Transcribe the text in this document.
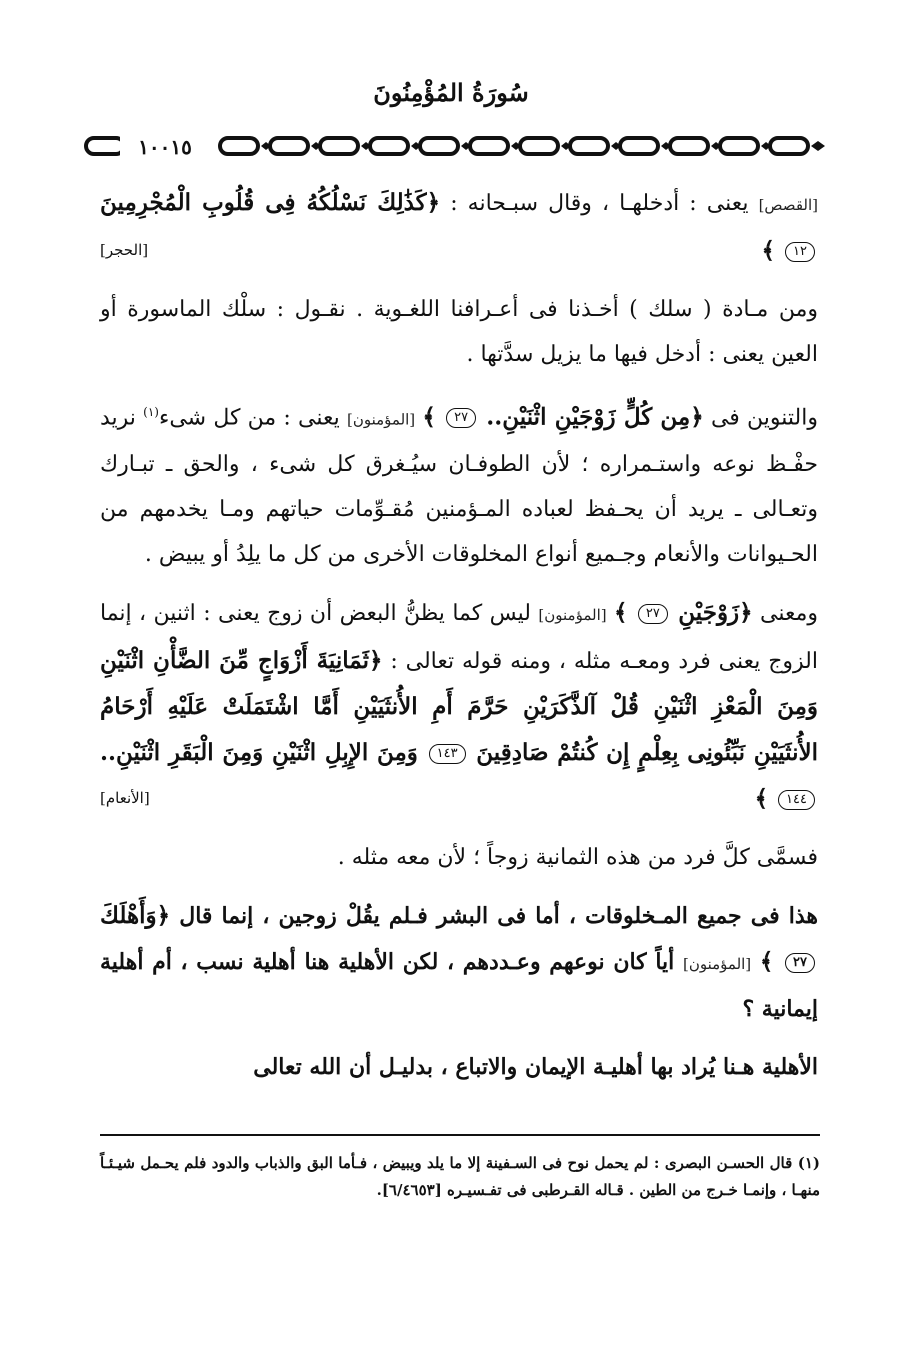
سُورَةُ المُؤْمِنُونَ
١٠٠١٥

[القصص] يعنى : أدخلهـا ، وقال سبـحانه : ﴿كَذَٰلِكَ نَسْلُكُهُ فِى قُلُوبِ الْمُجْرِمِينَ ١٢ ﴾
[الحجر]

ومن مـادة ( سلك ) أخـذنا فى أعـرافنا اللغـوية . نقـول : سلْك الماسورة أو العين يعنى : أدخل فيها ما يزيل سدَّتها .

والتنوين فى ﴿مِن كُلٍّ زَوْجَيْنِ اثْنَيْنِ.. ٢٧ ﴾ [المؤمنون] يعنى : من كل شىء$^{(١)}$ نريد حفْـظ نوعه واستـمراره ؛ لأن الطوفـان سيُـغرق كل شىء ، والحق ـ تبـارك وتعـالى ـ يريد أن يحـفظ لعباده المـؤمنين مُقـوِّمات حياتهم ومـا يخدمهم من الحـيوانات والأنعام وجـميع أنواع المخلوقات الأخرى من كل ما يلِدُ أو يبيض .

ومعنى ﴿زَوْجَيْنِ ٢٧ ﴾ [المؤمنون] ليس كما يظنُّ البعض أن زوج يعنى : اثنين ، إنما الزوج يعنى فرد ومعـه مثله ، ومنه قوله تعالى : ﴿ثَمَانِيَةَ أَزْوَاجٍ مِّنَ الضَّأْنِ اثْنَيْنِ وَمِنَ الْمَعْزِ اثْنَيْنِ قُلْ آلذَّكَرَيْنِ حَرَّمَ أَمِ الأُنثَيَيْنِ أَمَّا اشْتَمَلَتْ عَلَيْهِ أَرْحَامُ الأُنثَيَيْنِ نَبِّئُونِى بِعِلْمٍ إِن كُنتُمْ صَادِقِينَ ١٤٣ وَمِنَ الإِبِلِ اثْنَيْنِ وَمِنَ الْبَقَرِ اثْنَيْنِ.. ١٤٤ ﴾
[الأنعام]

فسمَّى كلَّ فرد من هذه الثمانية زوجاً ؛ لأن معه مثله .

هذا فى جميع المـخلوقات ، أما فى البشر فـلم يقُلْ زوجين ، إنما قال ﴿وَأَهْلَكَ ٢٧ ﴾ [المؤمنون] أياً كان نوعهم وعـددهم ، لكن الأهلية هنا أهلية نسب ، أم أهلية إيمانية ؟

الأهلية هـنا يُراد بها أهليـة الإيمان والاتباع ، بدليـل أن الله تعالى

(١) قال الحسـن البصرى : لم يحمل نوح فى السـفينة إلا ما يلد ويبيض ، فـأما البق والذباب والدود فلم يحـمل شيـئـاً منهـا ، وإنمـا خـرج من الطين . قـاله القـرطبى فى تفـسيـره [٦/٤٦٥٣].
